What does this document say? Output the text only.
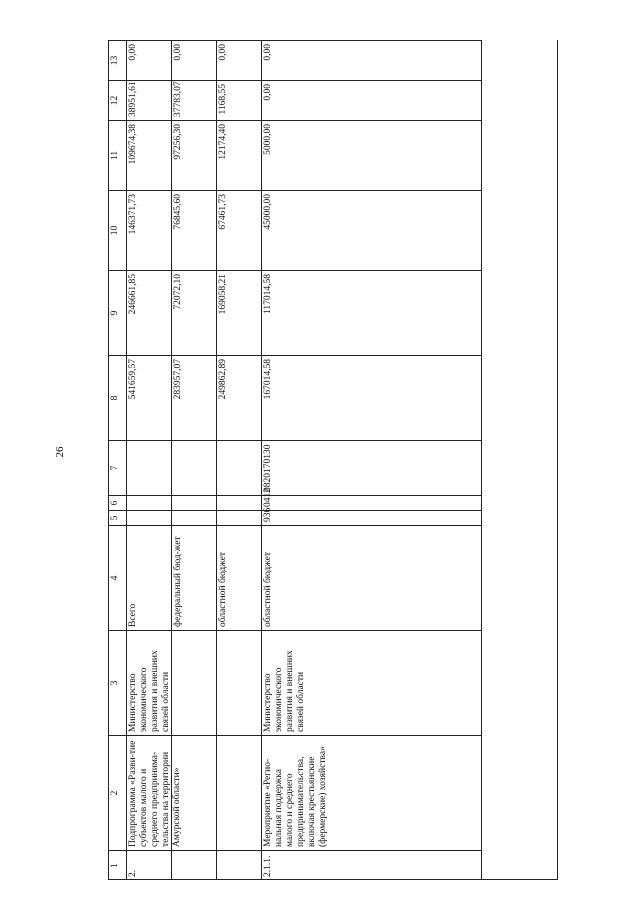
26
1
2
3
4
5
6
7
8
9
10
11
12
13
2.
Подпрограмма «Разви-тие субъектов малого и среднего предпринима-тельства на территории Амурской области»
Министерство экономического развития и внешних связей области
Всего
541659,57
246661,85
146371,73
109674,38
38951,61
0,00
федеральный бюд-жет
283957,07
72072,10
76845,60
97256,30
37783,07
0,00
областной бюджет
249862,89
169058,21
67461,73
12174,40
1168,55
0,00
2.1.1.
Мероприятие «Регио-нальная поддержка малого и среднего предпринимательства, включая крестьянские (фермерские) хозяйства»
Министерство экономического развития и внешних связей области
областной бюджет
936
0412
0820170130
167014,58
117014,58
45000,00
5000,00
0,00
0,00
